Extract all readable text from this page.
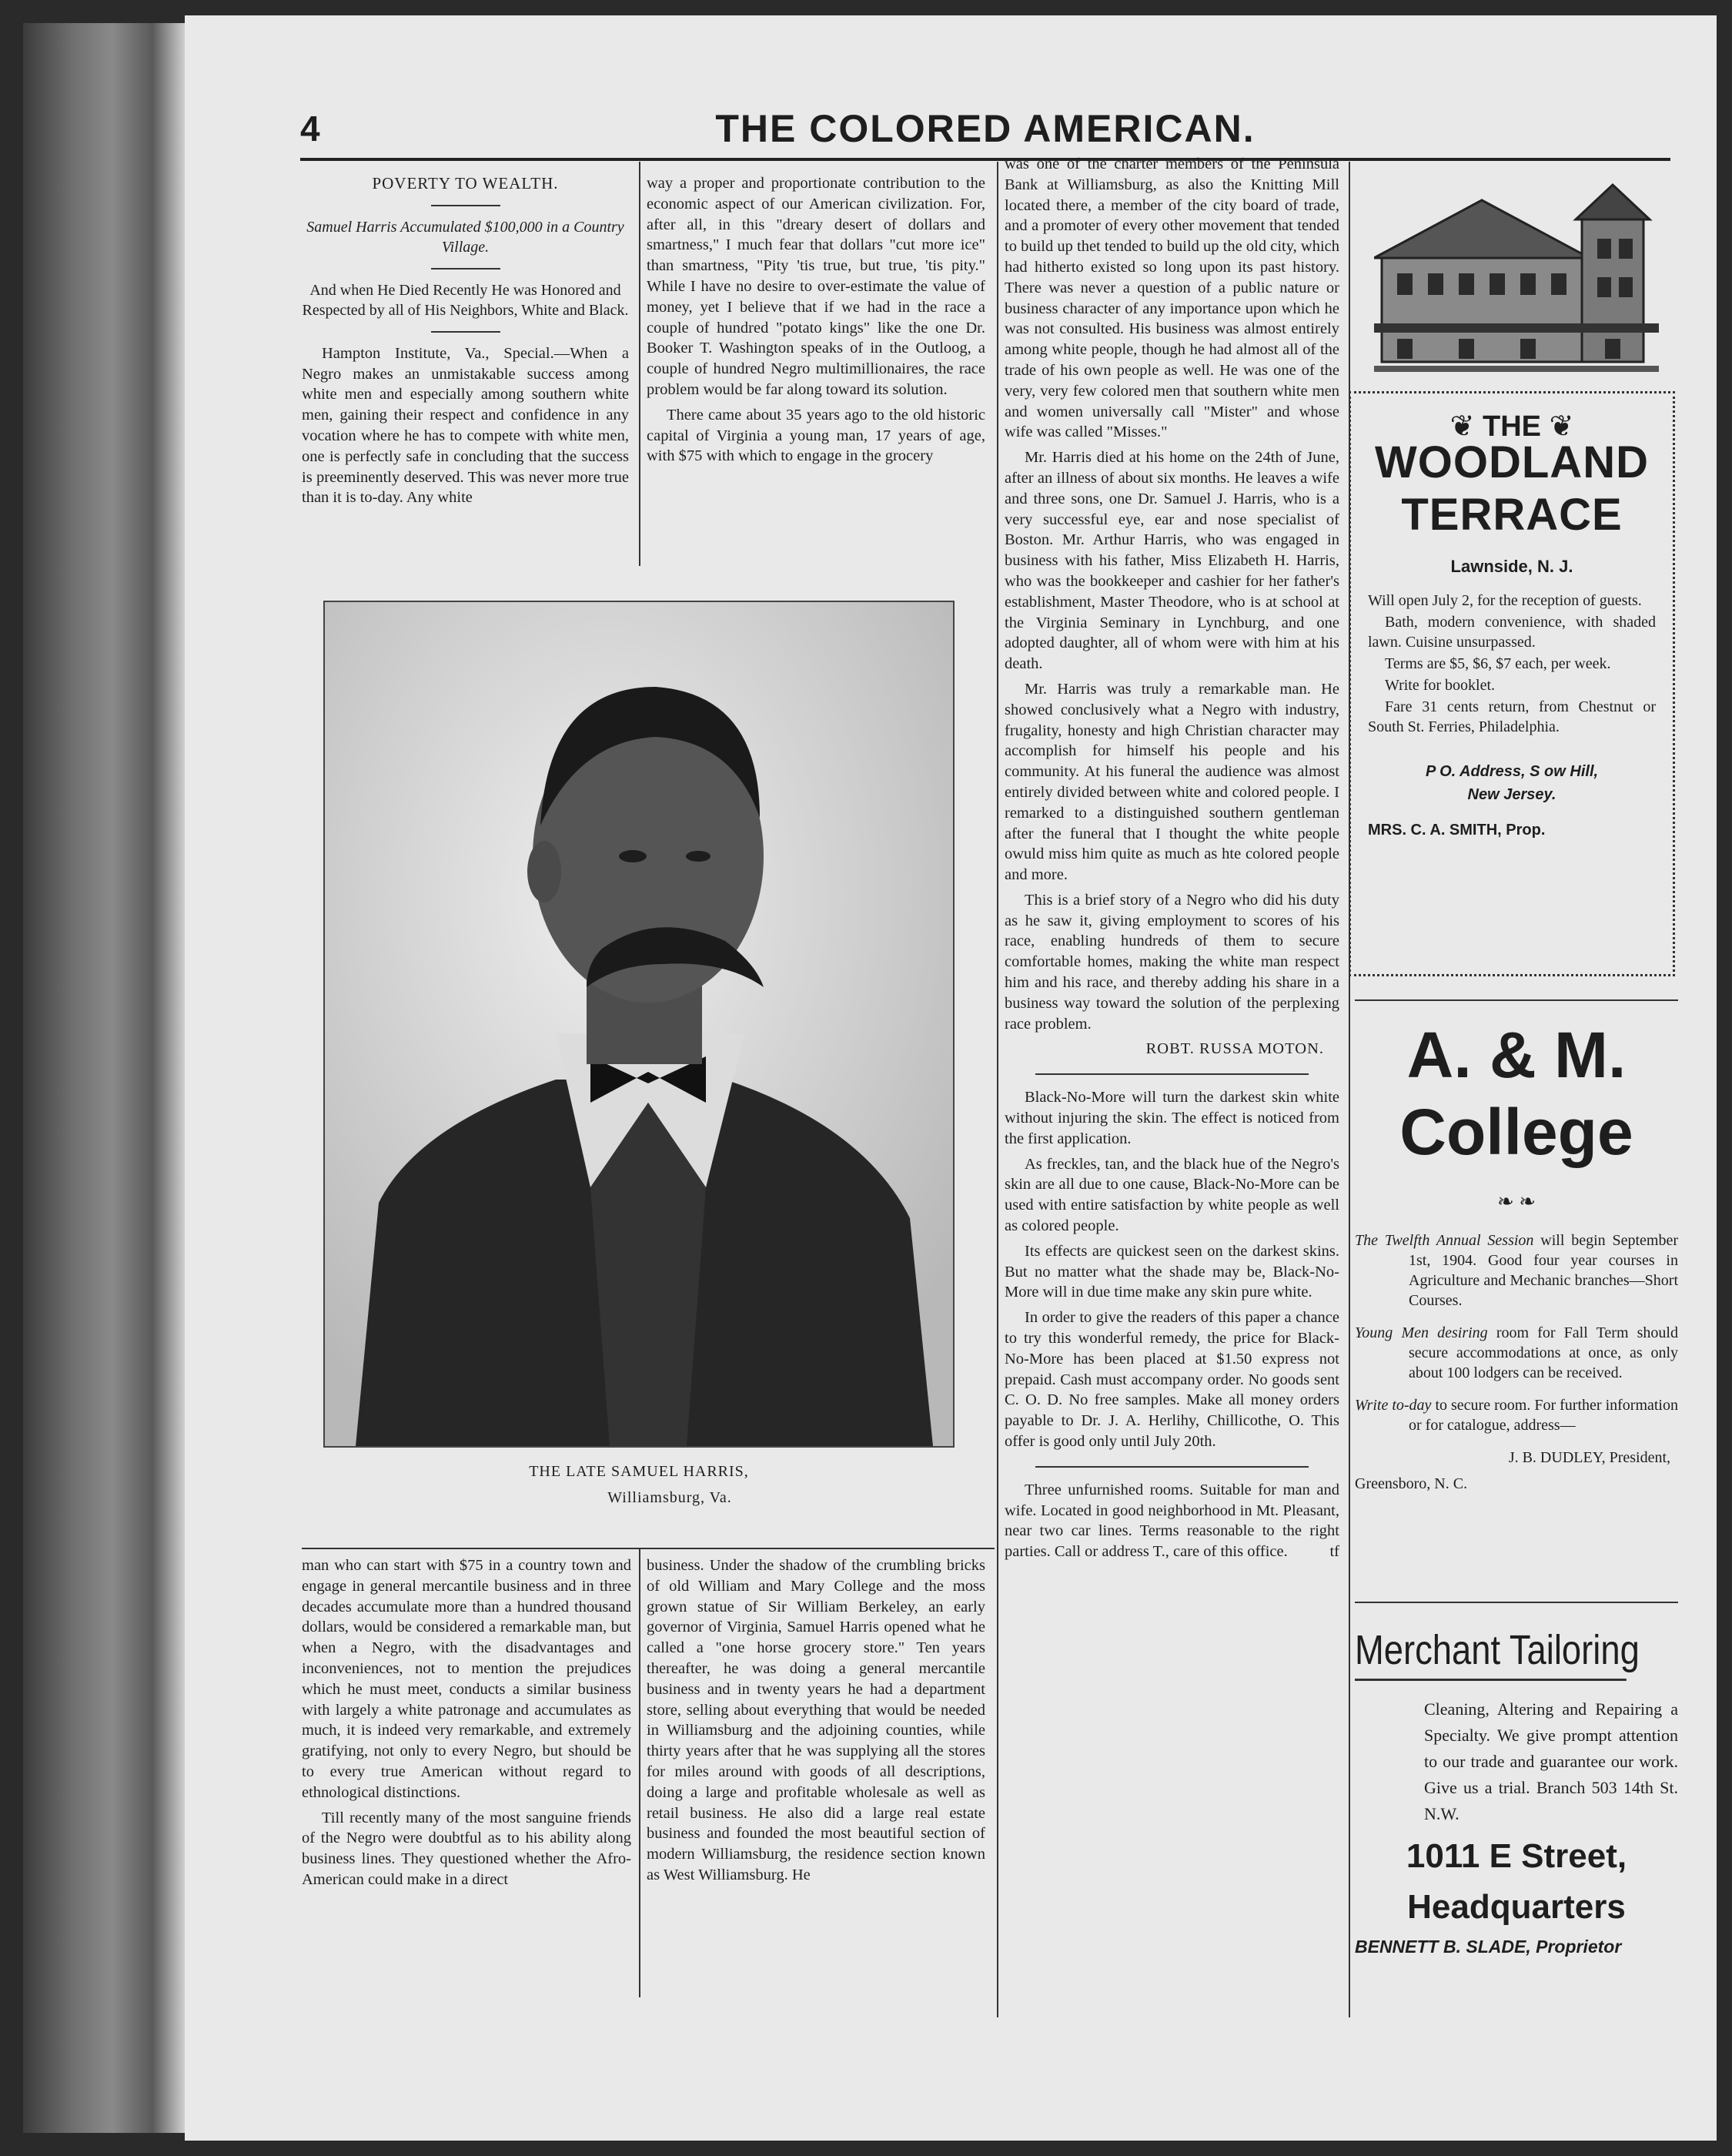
4	THE COLORED AMERICAN.
POVERTY TO WEALTH.
Samuel Harris Accumulated $100,000 in a Country Village.
And when He Died Recently He was Honored and Respected by all of His Neighbors, White and Black.

Hampton Institute, Va., Special.—When a Negro makes an unmistakable success among white men and especially among southern white men, gaining their respect and confidence in any vocation where he has to compete with white men, one is perfectly safe in concluding that the success is preeminently deserved. This was never more true than it is to-day. Any white

way a proper and proportionate contribution to the economic aspect of our American civilization. For, after all, in this "dreary desert of dollars and smartness," I much fear that dollars "cut more ice" than smartness, "Pity 'tis true, but true, 'tis pity." While I have no desire to over-estimate the value of money, yet I believe that if we had in the race a couple of hundred "potato kings" like the one Dr. Booker T. Washington speaks of in the Outloog, a couple of hundred Negro multimillionaires, the race problem would be far along toward its solution.

There came about 35 years ago to the old historic capital of Virginia a young man, 17 years of age, with $75 with which to engage in the grocery

THE LATE SAMUEL HARRIS,
Williamsburg, Va.

man who can start with $75 in a country town and engage in general mercantile business and in three decades accumulate more than a hundred thousand dollars, would be considered a remarkable man, but when a Negro, with the disadvantages and inconveniences, not to mention the prejudices which he must meet, conducts a similar business with largely a white patronage and accumulates as much, it is indeed very remarkable, and extremely gratifying, not only to every Negro, but should be to every true American without regard to ethnological distinctions.

Till recently many of the most sanguine friends of the Negro were doubtful as to his ability along business lines. They questioned whether the Afro-American could make in a direct

business. Under the shadow of the crumbling bricks of old William and Mary College and the moss grown statue of Sir William Berkeley, an early governor of Virginia, Samuel Harris opened what he called a "one horse grocery store." Ten years thereafter, he was doing a general mercantile business and in twenty years he had a department store, selling about everything that would be needed in Williamsburg and the adjoining counties, while thirty years after that he was supplying all the stores for miles around with goods of all descriptions, doing a large and profitable wholesale as well as retail business. He also did a large real estate business and founded the most beautiful section of modern Williamsburg, the residence section known as West Williamsburg. He

was one of the charter members of the Peninsula Bank at Williamsburg, as also the Knitting Mill located there, a member of the city board of trade, and a promoter of every other movement that tended to build up thet tended to build up the old city, which had hitherto existed so long upon its past history. There was never a question of a public nature or business character of any importance upon which he was not consulted. His business was almost entirely among white people, though he had almost all of the trade of his own people as well. He was one of the very, very few colored men that southern white men and women universally call "Mister" and whose wife was called "Misses."

Mr. Harris died at his home on the 24th of June, after an illness of about six months. He leaves a wife and three sons, one Dr. Samuel J. Harris, who is a very successful eye, ear and nose specialist of Boston. Mr. Arthur Harris, who was engaged in business with his father, Miss Elizabeth H. Harris, who was the bookkeeper and cashier for her father's establishment, Master Theodore, who is at school at the Virginia Seminary in Lynchburg, and one adopted daughter, all of whom were with him at his death.

Mr. Harris was truly a remarkable man. He showed conclusively what a Negro with industry, frugality, honesty and high Christian character may accomplish for himself his people and his community. At his funeral the audience was almost entirely divided between white and colored people. I remarked to a distinguished southern gentleman after the funeral that I thought the white people owuld miss him quite as much as hte colored people and more.

This is a brief story of a Negro who did his duty as he saw it, giving employment to scores of his race, enabling hundreds of them to secure comfortable homes, making the white man respect him and his race, and thereby adding his share in a business way toward the solution of the perplexing race problem.

ROBT. RUSSA MOTON.

Black-No-More will turn the darkest skin white without injuring the skin. The effect is noticed from the first application.

As freckles, tan, and the black hue of the Negro's skin are all due to one cause, Black-No-More can be used with entire satisfaction by white people as well as colored people.

Its effects are quickest seen on the darkest skins. But no matter what the shade may be, Black-No-More will in due time make any skin pure white.

In order to give the readers of this paper a chance to try this wonderful remedy, the price for Black-No-More has been placed at $1.50 express not prepaid. Cash must accompany order. No goods sent C. O. D. No free samples. Make all money orders payable to Dr. J. A. Herlihy, Chillicothe, O. This offer is good only until July 20th.

Three unfurnished rooms. Suitable for man and wife. Located in good neighborhood in Mt. Pleasant, near two car lines. Terms reasonable to the right parties. Call or address T., care of this office.	tf

❦ THE ❦
WOODLAND
TERRACE
Lawnside, N. J.

Will open July 2, for the reception of guests.

Bath, modern convenience, with shaded lawn. Cuisine unsurpassed.

Terms are $5, $6, $7 each, per week.

Write for booklet.

Fare 31 cents return, from Chestnut or South St. Ferries, Philadelphia.

P O. Address, S ow Hill,
New Jersey.
MRS. C. A. SMITH, Prop.
A. & M.
College
❧ ❧

The Twelfth Annual Session will begin September 1st, 1904. Good four year courses in Agriculture and Mechanic branches—Short Courses.

Young Men desiring room for Fall Term should secure accommodations at once, as only about 100 lodgers can be received.

Write to-day to secure room. For further information or for catalogue, address—

J. B. DUDLEY, President,
Greensboro, N. C.
Merchant Tailoring
Cleaning, Altering and Repairing a Specialty. We give prompt attention to our trade and guarantee our work. Give us a trial. Branch 503 14th St. N.W.
1011 E Street,
Headquarters
BENNETT B. SLADE, Proprietor
